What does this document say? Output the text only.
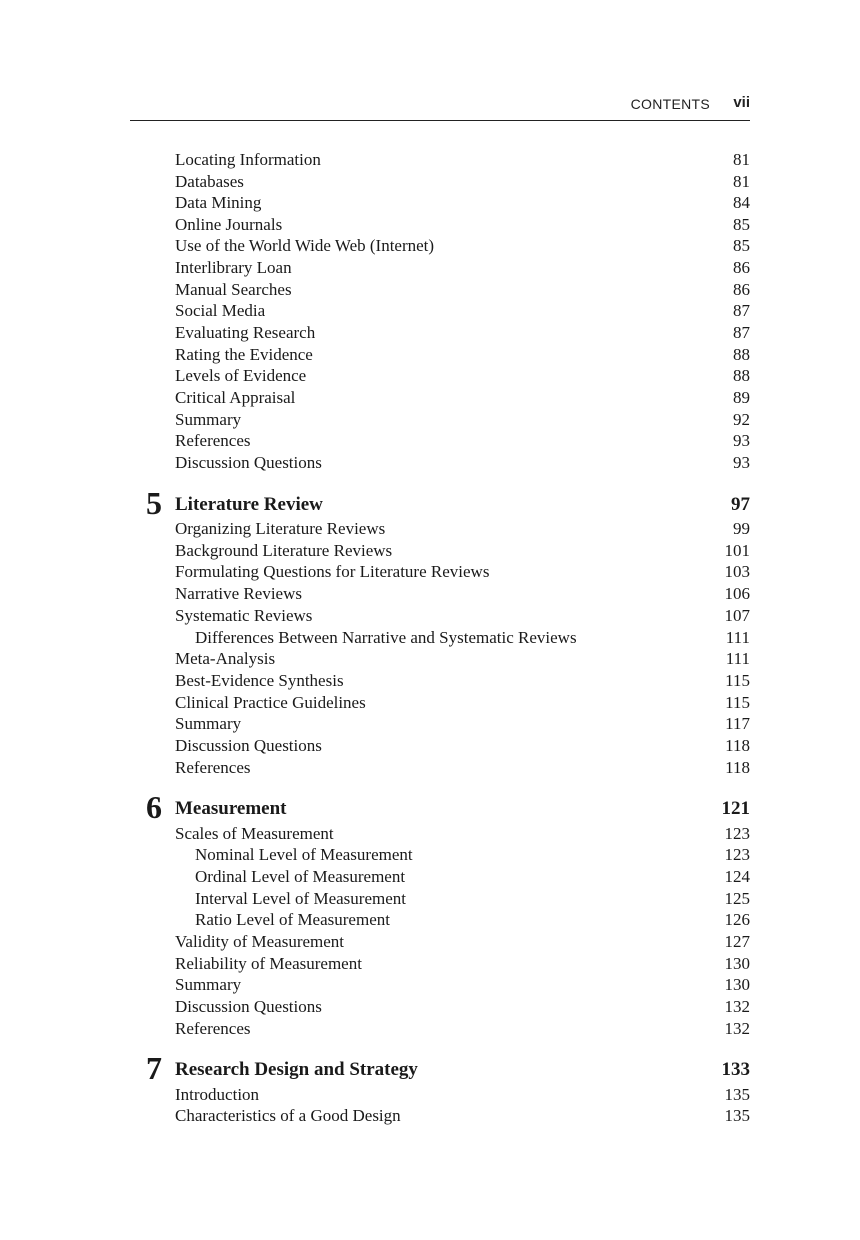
CONTENTS vii
Locating Information	81
Databases	81
Data Mining	84
Online Journals	85
Use of the World Wide Web (Internet)	85
Interlibrary Loan	86
Manual Searches	86
Social Media	87
Evaluating Research	87
Rating the Evidence	88
Levels of Evidence	88
Critical Appraisal	89
Summary	92
References	93
Discussion Questions	93
5 Literature Review	97
Organizing Literature Reviews	99
Background Literature Reviews	101
Formulating Questions for Literature Reviews	103
Narrative Reviews	106
Systematic Reviews	107
Differences Between Narrative and Systematic Reviews	111
Meta-Analysis	111
Best-Evidence Synthesis	115
Clinical Practice Guidelines	115
Summary	117
Discussion Questions	118
References	118
6 Measurement	121
Scales of Measurement	123
Nominal Level of Measurement	123
Ordinal Level of Measurement	124
Interval Level of Measurement	125
Ratio Level of Measurement	126
Validity of Measurement	127
Reliability of Measurement	130
Summary	130
Discussion Questions	132
References	132
7 Research Design and Strategy	133
Introduction	135
Characteristics of a Good Design	135
